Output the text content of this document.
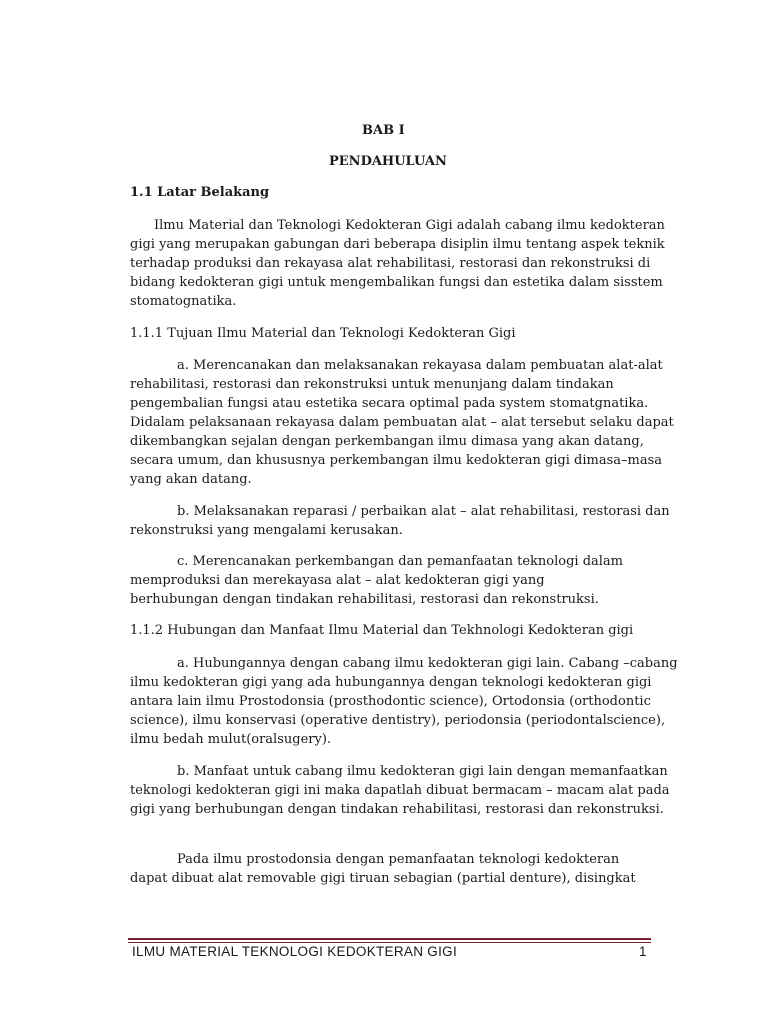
BAB I
PENDAHULUAN
1.1 Latar Belakang
Ilmu Material dan Teknologi Kedokteran Gigi adalah cabang ilmu kedokteran
gigi yang merupakan gabungan dari beberapa disiplin ilmu tentang aspek teknik
terhadap produksi dan rekayasa alat rehabilitasi, restorasi dan rekonstruksi di
bidang kedokteran gigi untuk mengembalikan fungsi dan estetika dalam sisstem
stomatognatika.
1.1.1 Tujuan Ilmu Material dan Teknologi Kedokteran Gigi
a. Merencanakan dan melaksanakan rekayasa dalam pembuatan alat-alat
rehabilitasi, restorasi dan rekonstruksi untuk menunjang dalam tindakan
pengembalian fungsi atau estetika secara optimal pada system stomatgnatika.
Didalam pelaksanaan rekayasa dalam pembuatan alat – alat tersebut selaku dapat
dikembangkan sejalan dengan perkembangan ilmu dimasa yang akan datang,
secara umum, dan khususnya perkembangan ilmu kedokteran gigi dimasa–masa
yang akan datang.
b. Melaksanakan reparasi / perbaikan alat – alat rehabilitasi, restorasi dan
rekonstruksi yang mengalami kerusakan.
c. Merencanakan perkembangan dan pemanfaatan teknologi dalam
memproduksi dan merekayasa alat – alat kedokteran gigi yang
berhubungan dengan tindakan rehabilitasi, restorasi dan rekonstruksi.
1.1.2 Hubungan dan Manfaat Ilmu Material dan Tekhnologi Kedokteran gigi
a. Hubungannya dengan cabang ilmu kedokteran gigi lain. Cabang –cabang
ilmu kedokteran gigi yang ada hubungannya dengan teknologi kedokteran gigi
antara lain ilmu Prostodonsia (prosthodontic science), Ortodonsia (orthodontic
science), ilmu konservasi (operative dentistry), periodonsia (periodontalscience),
ilmu bedah mulut(oralsugery).
b. Manfaat untuk cabang ilmu kedokteran gigi lain dengan memanfaatkan
teknologi kedokteran gigi ini maka dapatlah dibuat bermacam – macam alat pada
gigi yang berhubungan dengan tindakan rehabilitasi, restorasi dan rekonstruksi.
Pada ilmu prostodonsia dengan pemanfaatan teknologi kedokteran
dapat dibuat alat removable gigi tiruan sebagian (partial denture), disingkat
ILMU MATERIAL TEKNOLOGI KEDOKTERAN GIGI	1
